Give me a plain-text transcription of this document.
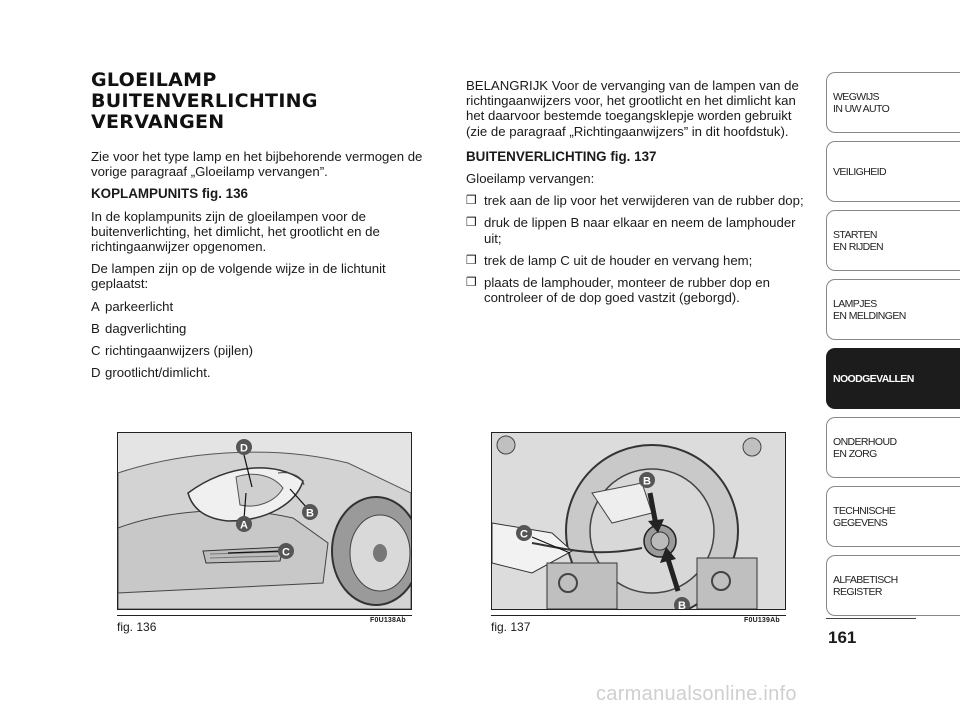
GLOEILAMP BUITENVERLICHTING
VERVANGEN

Zie voor het type lamp en het bijbehorende vermogen de vorige paragraaf „Gloeilamp vervangen”.

KOPLAMPUNITS fig. 136

In de koplampunits zijn de gloeilampen voor de buitenverlichting, het dimlicht, het grootlicht en de richtingaanwijzer opgenomen.

De lampen zijn op de volgende wijze in de lichtunit geplaatst:

A parkeerlicht
B dagverlichting
C richtingaanwijzers (pijlen)
D grootlicht/dimlicht.

BELANGRIJK Voor de vervanging van de lampen van de richtingaanwijzers voor, het grootlicht en het dimlicht kan het daarvoor bestemde toegangsklepje worden gebruikt (zie de paragraaf „Richtingaanwijzers” in dit hoofdstuk).

BUITENVERLICHTING fig. 137

Gloeilamp vervangen:

❒ trek aan de lip voor het verwijderen van de rubber dop;
❒ druk de lippen B naar elkaar en neem de lamphouder uit;
❒ trek de lamp C uit de houder en vervang hem;
❒ plaats de lamphouder, monteer de rubber dop en controleer of de dop goed vastzit (geborgd).
D
A
B
C
fig. 136	F0U138Ab
B
C
B
fig. 137	F0U139Ab
WEGWIJS
IN UW AUTO
VEILIGHEID
STARTEN
EN RIJDEN
LAMPJES
EN MELDINGEN
NOODGEVALLEN
ONDERHOUD
EN ZORG
TECHNISCHE
GEGEVENS
ALFABETISCH
REGISTER
161
carmanualsonline.info
